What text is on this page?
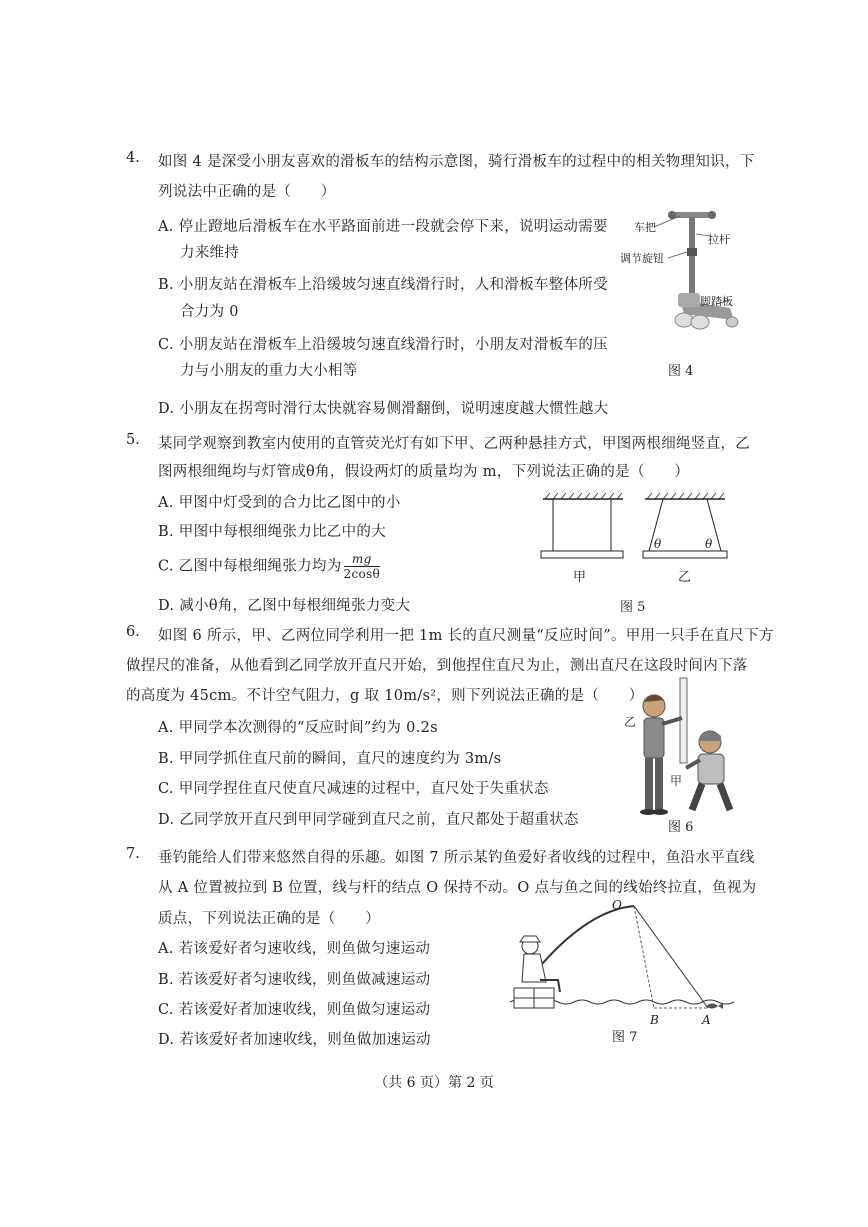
4. 如图 4 是深受小朋友喜欢的滑板车的结构示意图，骑行滑板车的过程中的相关物理知识，下
列说法中正确的是（　　）
A. 停止蹬地后滑板车在水平路面前进一段就会停下来，说明运动需要
力来维持
B. 小朋友站在滑板车上沿缓坡匀速直线滑行时，人和滑板车整体所受
合力为 0
C. 小朋友站在滑板车上沿缓坡匀速直线滑行时，小朋友对滑板车的压
力与小朋友的重力大小相等
D. 小朋友在拐弯时滑行太快就容易侧滑翻倒，说明速度越大惯性越大
车把
拉杆
调节旋钮
脚踏板
图 4
5. 某同学观察到教室内使用的直管荧光灯有如下甲、乙两种悬挂方式，甲图两根细绳竖直，乙
图两根细绳均与灯管成θ角，假设两灯的质量均为 m，下列说法正确的是（　　）
A. 甲图中灯受到的合力比乙图中的小
B. 甲图中每根细绳张力比乙中的大
C. 乙图中每根细绳张力均为 $\frac{mg}{2\cos\theta}$
D. 减小θ角，乙图中每根细绳张力变大
θ	θ
甲	乙
图 5
6. 如图 6 所示，甲、乙两位同学利用一把 1m 长的直尺测量“反应时间”。甲用一只手在直尺下方
做捏尺的准备，从他看到乙同学放开直尺开始，到他捏住直尺为止，测出直尺在这段时间内下落
的高度为 45cm。不计空气阻力，g 取 10m/s²，则下列说法正确的是（　　）
A. 甲同学本次测得的“反应时间”约为 0.2s
B. 甲同学抓住直尺前的瞬间，直尺的速度约为 3m/s
C. 甲同学捏住直尺使直尺减速的过程中，直尺处于失重状态
D. 乙同学放开直尺到甲同学碰到直尺之前，直尺都处于超重状态
乙
甲
图 6
7. 垂钓能给人们带来悠然自得的乐趣。如图 7 所示某钓鱼爱好者收线的过程中，鱼沿水平直线
从 A 位置被拉到 B 位置，线与杆的结点 O 保持不动。O 点与鱼之间的线始终拉直，鱼视为
质点，下列说法正确的是（　　）
A. 若该爱好者匀速收线，则鱼做匀速运动
B. 若该爱好者匀速收线，则鱼做减速运动
C. 若该爱好者加速收线，则鱼做匀速运动
D. 若该爱好者加速收线，则鱼做加速运动
O
B	A
图 7
（共 6 页）第 2 页
